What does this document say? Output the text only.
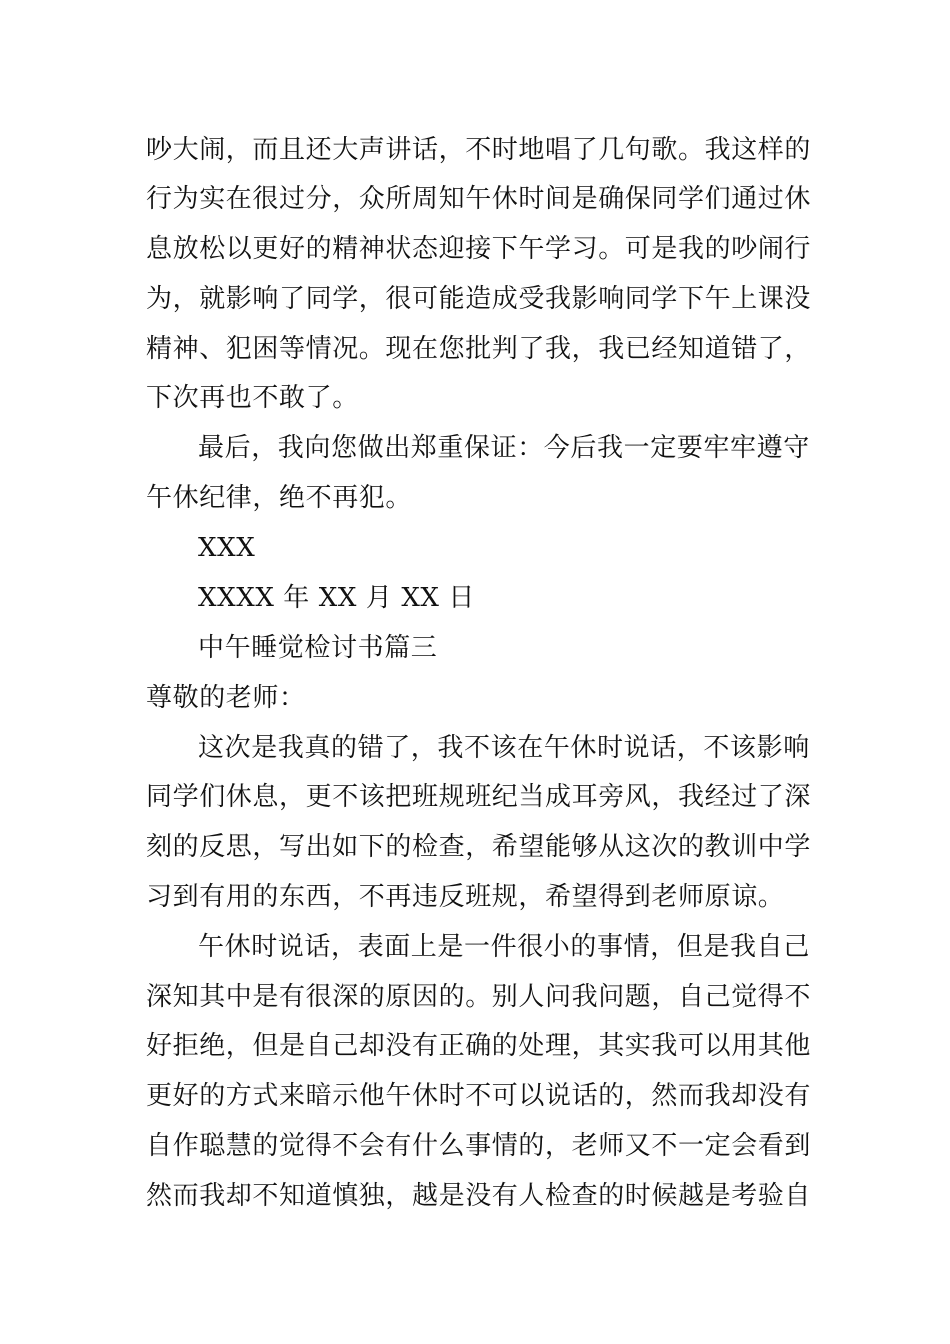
吵大闹，而且还大声讲话，不时地唱了几句歌。我这样的
行为实在很过分，众所周知午休时间是确保同学们通过休
息放松以更好的精神状态迎接下午学习。可是我的吵闹行
为，就影响了同学，很可能造成受我影响同学下午上课没
精神、犯困等情况。现在您批判了我，我已经知道错了，
下次再也不敢了。
最后，我向您做出郑重保证：今后我一定要牢牢遵守
午休纪律，绝不再犯。
XXX
XXXX 年 XX 月 XX 日
中午睡觉检讨书篇三
尊敬的老师：
这次是我真的错了，我不该在午休时说话，不该影响
同学们休息，更不该把班规班纪当成耳旁风，我经过了深
刻的反思，写出如下的检查，希望能够从这次的教训中学
习到有用的东西，不再违反班规，希望得到老师原谅。
午休时说话，表面上是一件很小的事情，但是我自己
深知其中是有很深的原因的。别人问我问题，自己觉得不
好拒绝，但是自己却没有正确的处理，其实我可以用其他
更好的方式来暗示他午休时不可以说话的，然而我却没有
自作聪慧的觉得不会有什么事情的，老师又不一定会看到
然而我却不知道慎独，越是没有人检查的时候越是考验自
